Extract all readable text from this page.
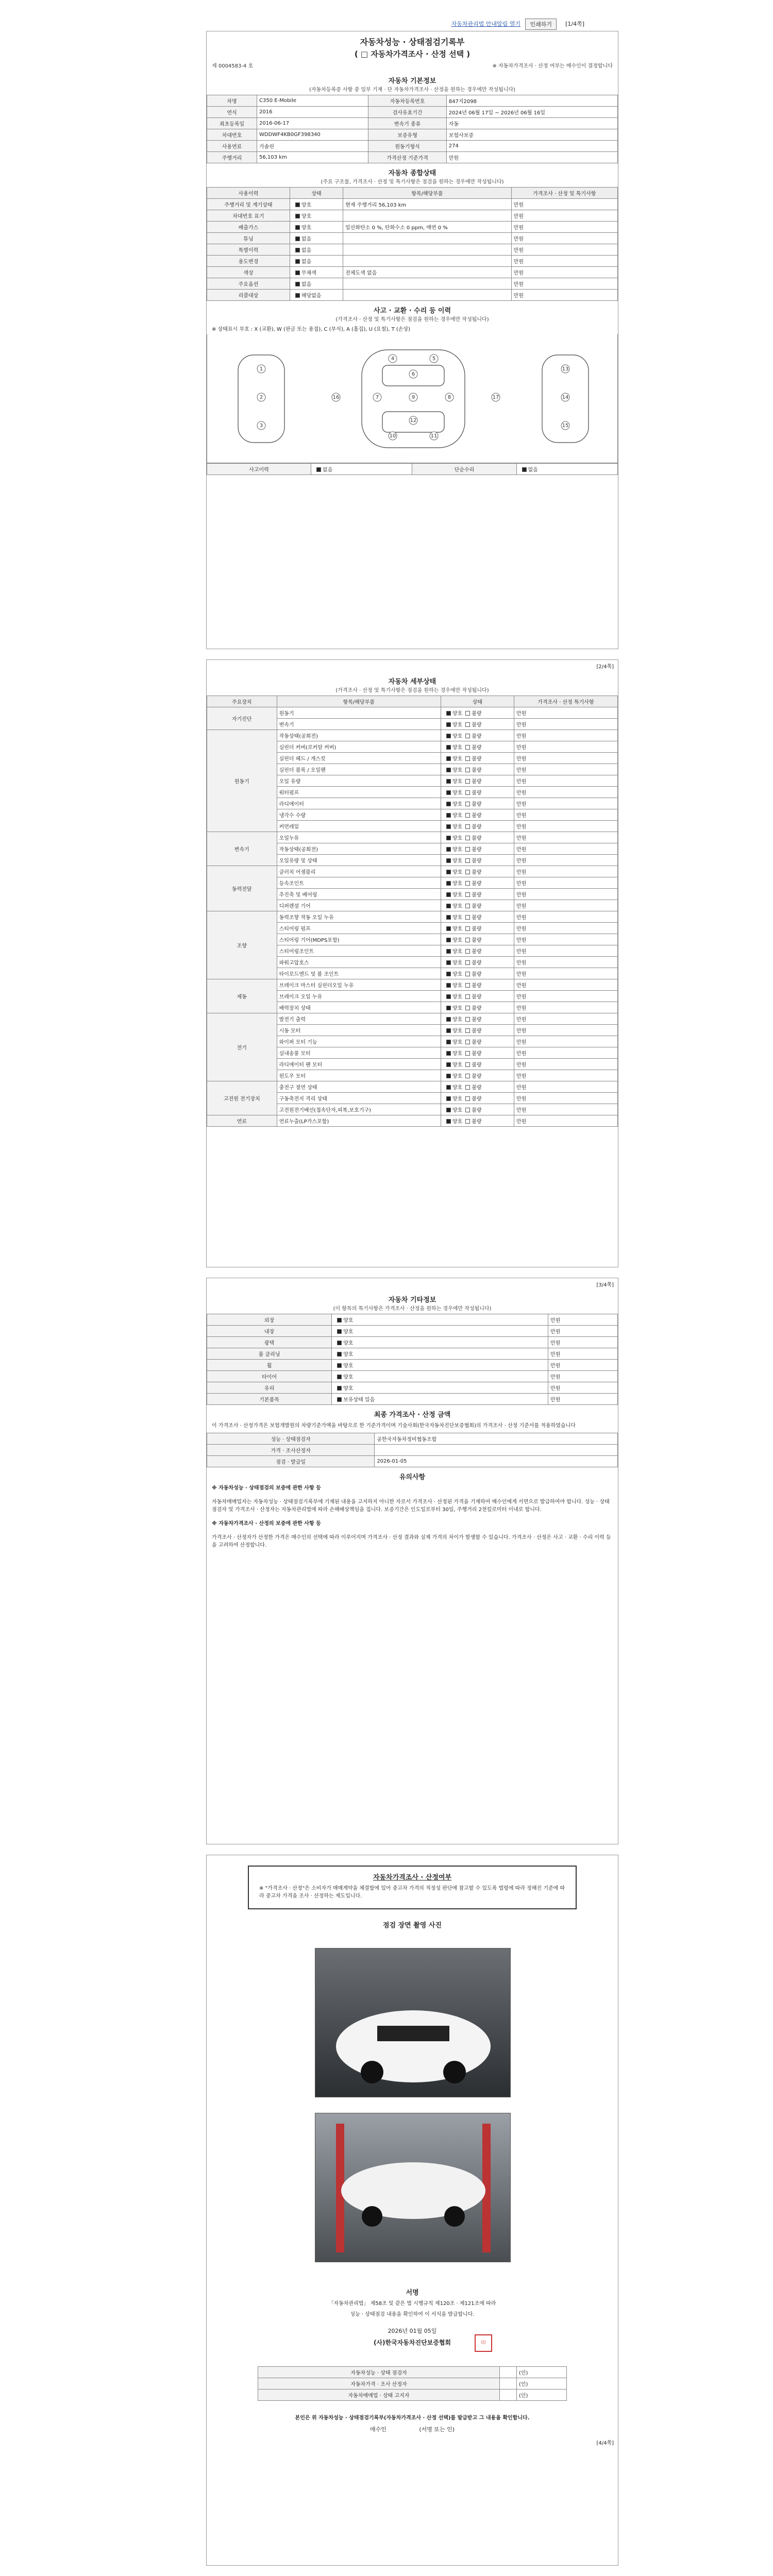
자동차관리법 안내알림 열기	인쇄하기	[1/4쪽]
자동차성능 · 상태점검기록부
( □ 자동차가격조사 · 산정 선택 )
제 0004583-4 호	※ 자동차가격조사 · 산정 여부는 매수인이 결정합니다
자동차 기본정보
(자동차등록증 사항 중 일부 기재 · 단 자동차가격조사 · 산정을 원하는 경우에만 작성됩니다)
차명	C350 E-Mobile	자동차등록번호	847지2098
연식	2016	검사유효기간	2024년 06월 17일 ~ 2026년 06월 16일
최초등록일	2016-06-17	변속기 종류	자동
차대번호	WDDWF4KB0GF398340	보증유형	보험사보증
사용연료	가솔린	원동기형식	274
주행거리	56,103 km	가격산정 기준가격	만원
자동차 종합상태
(주요 구조물, 가격조사 · 산정 및 특기사항은 점검을 원하는 경우에만 작성됩니다)
사용이력	상태	항목/해당부품	가격조사 · 산정 및 특기사항
주행거리 및 계기상태	양호	현재 주행거리 56,103 km	만원
차대번호 표기	양호		만원
배출가스	양호	일산화탄소 0 %, 탄화수소 0 ppm, 매연 0 %	만원
튜닝	없음		만원
특별이력	없음		만원
용도변경	없음		만원
색상	무채색	전체도색 없음	만원
주요옵션	없음		만원
리콜대상	해당없음		만원
사고 · 교환 · 수리 등 이력
(가격조사 · 산정 및 특기사항은 점검을 원하는 경우에만 작성됩니다)
※ 상태표시 부호 : X (교환), W (판금 또는 용접), C (부식), A (흠집), U (요철), T (손상)
1
2
3
4	5
6
7	8
9
10	11
12
13
14
15
16	17
사고이력	없음	단순수리	없음
[2/4쪽]
자동차 세부상태
(가격조사 · 산정 및 특기사항은 점검을 원하는 경우에만 작성됩니다)
주요장치	항목/해당부품	상태	가격조사 · 산정 특기사항
자기진단	원동기	양호 불량	만원
	변속기	양호 불량	만원
원동기	작동상태(공회전)	양호 불량	만원
	실린더 커버(로커암 커버)	양호 불량	만원
	실린더 헤드 / 개스킷	양호 불량	만원
	실린더 블록 / 오일팬	양호 불량	만원
	오일 유량	양호 불량	만원
	워터펌프	양호 불량	만원
	라디에이터	양호 불량	만원
	냉각수 수량	양호 불량	만원
	커먼레일	양호 불량	만원
변속기	오일누유	양호 불량	만원
	작동상태(공회전)	양호 불량	만원
	오일유량 및 상태	양호 불량	만원
동력전달	클러치 어셈블리	양호 불량	만원
	등속조인트	양호 불량	만원
	추진축 및 베어링	양호 불량	만원
	디퍼렌셜 기어	양호 불량	만원
조향	동력조향 작동 오일 누유	양호 불량	만원
	스티어링 펌프	양호 불량	만원
	스티어링 기어(MDPS포함)	양호 불량	만원
	스티어링조인트	양호 불량	만원
	파워고압호스	양호 불량	만원
	타이로드엔드 및 볼 조인트	양호 불량	만원
제동	브레이크 마스터 실린더오일 누유	양호 불량	만원
	브레이크 오일 누유	양호 불량	만원
	배력장치 상태	양호 불량	만원
전기	발전기 출력	양호 불량	만원
	시동 모터	양호 불량	만원
	와이퍼 모터 기능	양호 불량	만원
	실내송풍 모터	양호 불량	만원
	라디에이터 팬 모터	양호 불량	만원
	윈도우 모터	양호 불량	만원
고전원 전기장치	충전구 절연 상태	양호 불량	만원
	구동축전지 격리 상태	양호 불량	만원
	고전원전기배선(접속단자,피복,보호기구)	양호 불량	만원
연료	연료누출(LP가스포함)	양호 불량	만원
[3/4쪽]
자동차 기타정보
(이 항목의 특기사항은 가격조사 · 산정을 원하는 경우에만 작성됩니다)
외장	양호	만원
내장	양호	만원
광택	양호	만원
룸 클리닝	양호	만원
휠	양호	만원
타이어	양호	만원
유리	양호	만원
기본품목	보유상태 있음	만원
최종 가격조사 · 산정 금액
이 가격조사 · 산정가격은 보험개발원의 차량기준가액을 바탕으로 한 기준가격이며 기술사회(한국자동차진단보증협회)의 가격조사 · 산정 기준서를 적용하였습니다
성능 · 상태점검자	공한국자동차정비협동조합
가격 · 조사산정자	
점검 · 발급일	2026-01-05
유의사항
※ 자동차성능 · 상태점검의 보증에 관한 사항 등
자동차매매업자는 자동차성능 · 상태점검기록부에 기재된 내용을 고지하지 아니한 자로서 가격조사 · 산정된 가격을 기재하여 매수인에게 서면으로 발급하여야 합니다. 성능 · 상태점검자 및 가격조사 · 산정자는 자동차관리법에 따라 손해배상책임을 집니다. 보증기간은 인도일로부터 30일, 주행거리 2천킬로미터 이내로 합니다.
※ 자동차가격조사 · 산정의 보증에 관한 사항 등
가격조사 · 산정자가 산정한 가격은 매수인의 선택에 따라 이루어지며 가격조사 · 산정 결과와 실제 가격의 차이가 발생할 수 있습니다. 가격조사 · 산정은 사고 · 교환 · 수리 이력 등을 고려하여 산정합니다.
자동차가격조사 · 산정여부
※ "가격조사 · 산정"은 소비자가 매매계약을 체결함에 있어 중고차 가격의 적정성 판단에 참고할 수 있도록 법령에 따라 정해진 기준에 따라 중고차 가격을 조사 · 산정하는 제도입니다.
점검 장면 촬영 사진
서명
「자동차관리법」 제58조 및 같은 법 시행규칙 제120조 · 제121조에 따라
성능 · 상태점검 내용을 확인하여 이 서식을 발급합니다.
2026년 01월 05일
(사)한국자동차진단보증협회	印
자동차성능 · 상태 점검자		(인)
자동차가격 · 조사 산정자		(인)
자동차매매업 · 상태 고지자		(인)
본인은 위 자동차성능 · 상태점검기록부(자동차가격조사 · 산정 선택)를 발급받고 그 내용을 확인합니다.
매수인	(서명 또는 인)
[4/4쪽]
